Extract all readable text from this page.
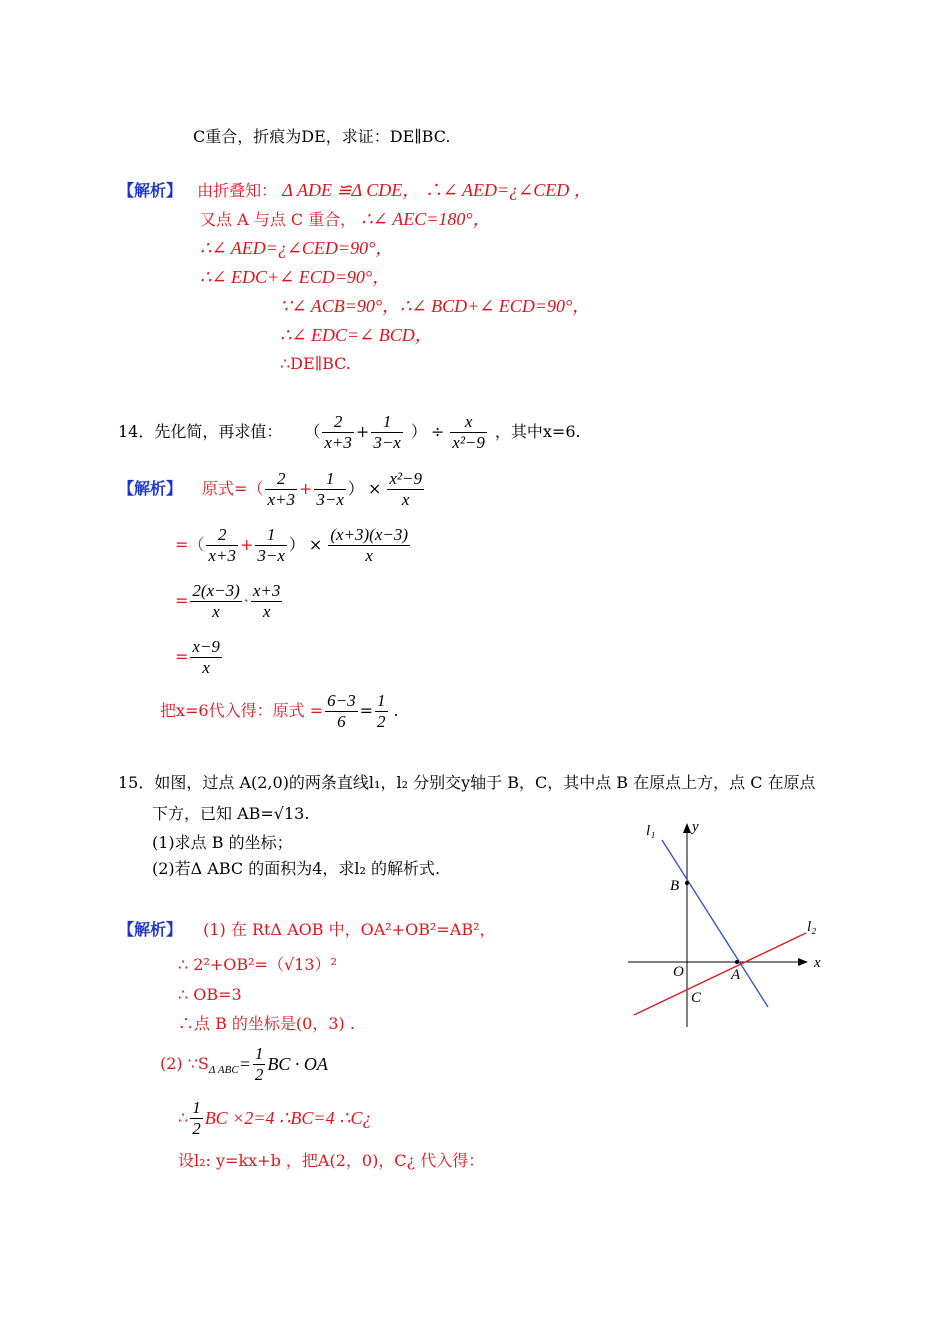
C重合，折痕为DE，求证：DE∥BC.
【解析】 由折叠知： Δ ADE ≌Δ CDE， ∴∠ AED=¿∠CED ，
又点 A 与点 C 重合， ∴∠ AEC=180°，
∴∠ AED=¿∠CED=90°，
∴∠ EDC+∠ ECD=90°，
∵∠ ACB=90°，∴∠ BCD+∠ ECD=90°，
∴∠ EDC=∠ BCD，
∴DE∥BC.
14．先化简，再求值： （ $\frac{2}{x+3} + \frac{1}{3-x}$ ） ÷ $\frac{x}{\text{x²−9}}$ ，其中x=6.
【解析】 原式= （ $\frac{2}{x+3} + \frac{1}{3-x}$ ） × $\frac{\text{x²−9}}{x}$
= （ $\frac{2}{x+3} + \frac{1}{3-x}$ ） × $\frac{(x+3)(x-3)}{x}$
= $\frac{2(x-3)}{x} \cdot \frac{x+3}{x}$
= $\frac{x-9}{x}$
把x=6代入得：原式 = $\frac{6-3}{6} = \frac{1}{2}$ .
15．如图，过点 A(2,0)的两条直线l₁，l₂ 分别交y轴于 B，C，其中点 B 在原点上方，点 C 在原点
下方，已知 AB=√13.
(1)求点 B 的坐标；
(2)若Δ ABC 的面积为4，求l₂ 的解析式.
【解析】 (1) 在 RtΔ AOB 中，OA²+OB²=AB²，
∴ 2²+OB²=（√13）²
∴ OB=3
∴点 B 的坐标是(0，3) .
(2) $\because S_{\Delta ABC} = \frac{1}{2}$ BC · OA
∴ $\frac{1}{2}$ BC ×2=4 ∴BC=4 ∴C¿
设l₂: y=kx+b ，把A(2，0)，C¿ 代入得：
l₁ y
l₂
x
B
O	A
C
